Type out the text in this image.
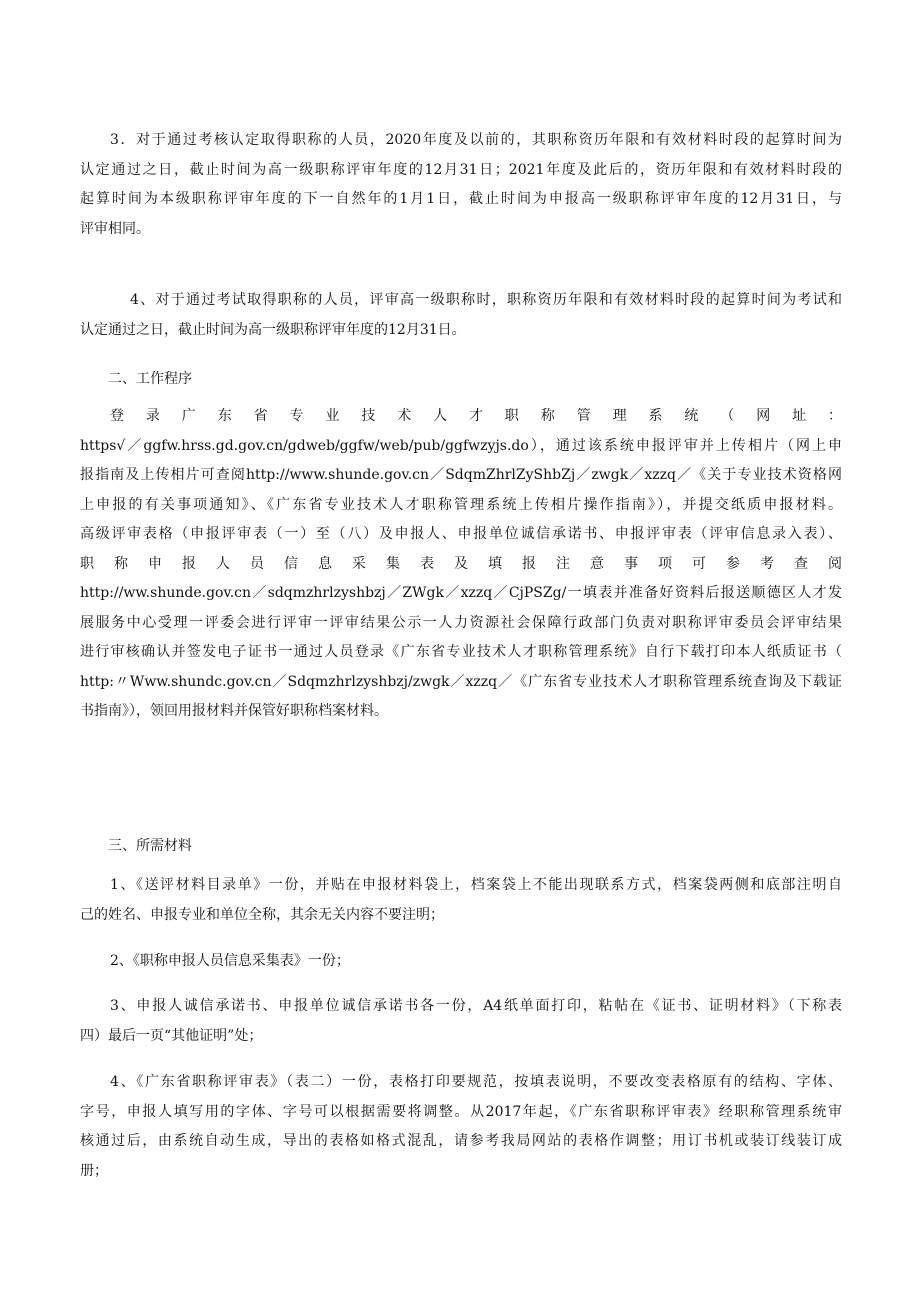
3．对于通过考核认定取得职称的人员，2020年度及以前的，其职称资历年限和有效材料时段的起算时间为
认定通过之日，截止时间为高一级职称评审年度的12月31日；2021年度及此后的，资历年限和有效材料时段的
起算时间为本级职称评审年度的下一自然年的1月1日，截止时间为申报高一级职称评审年度的12月31日，与
评审相同。
4、对于通过考试取得职称的人员，评审高一级职称时，职称资历年限和有效材料时段的起算时间为考试和
认定通过之日，截止时间为高一级职称评审年度的12月31日。
二、工作程序
登 录 广 东 省 专 业 技 术 人 才 职 称 管 理 系 统 （ 网 址 ：
https√／ggfw.hrss.gd.gov.cn/gdweb/ggfw/web/pub/ggfwzyjs.do），通过该系统申报评审并上传相片（网上申
报指南及上传相片可查阅http://www.shunde.gov.cn／SdqmZhrlZyShbZj／zwgk／xzzq／《关于专业技术资格网
上申报的有关事项通知》、《广东省专业技术人才职称管理系统上传相片操作指南》），并提交纸质申报材料。
高级评审表格（申报评审表（一）至（八）及申报人、申报单位诚信承诺书、申报评审表（评审信息录入表）、
职 称 申 报 人 员 信 息 采 集 表 及 填 报 注 意 事 项 可 参 考 查 阅
http://ww.shunde.gov.cn／sdqmzhrlzyshbzj／ZWgk／xzzq／CjPSZg/一填表并准备好资料后报送顺德区人才发
展服务中心受理一评委会进行评审一评审结果公示一人力资源社会保障行政部门负责对职称评审委员会评审结果
进行审核确认并签发电子证书一通过人员登录《广东省专业技术人才职称管理系统》自行下载打印本人纸质证书（
http:〃Www.shundc.gov.cn／Sdqmzhrlzyshbzj/zwgk／xzzq／《广东省专业技术人才职称管理系统查询及下载证
书指南》），领回用报材料并保管好职称档案材料。
三、所需材料
1、《送评材料目录单》一份，并贴在申报材料袋上，档案袋上不能出现联系方式，档案袋两侧和底部注明自
己的姓名、申报专业和单位全称，其余无关内容不要注明；
2、《职称申报人员信息采集表》一份；
3、申报人诚信承诺书、申报单位诚信承诺书各一份，A4纸单面打印，粘帖在《证书、证明材料》（下称表
四）最后一页“其他证明”处；
4、《广东省职称评审表》（表二）一份，表格打印要规范，按填表说明，不要改变表格原有的结构、字体、
字号，申报人填写用的字体、字号可以根据需要将调整。从2017年起，《广东省职称评审表》经职称管理系统审
核通过后，由系统自动生成，导出的表格如格式混乱，请参考我局网站的表格作调整；用订书机或装订线装订成
册；
